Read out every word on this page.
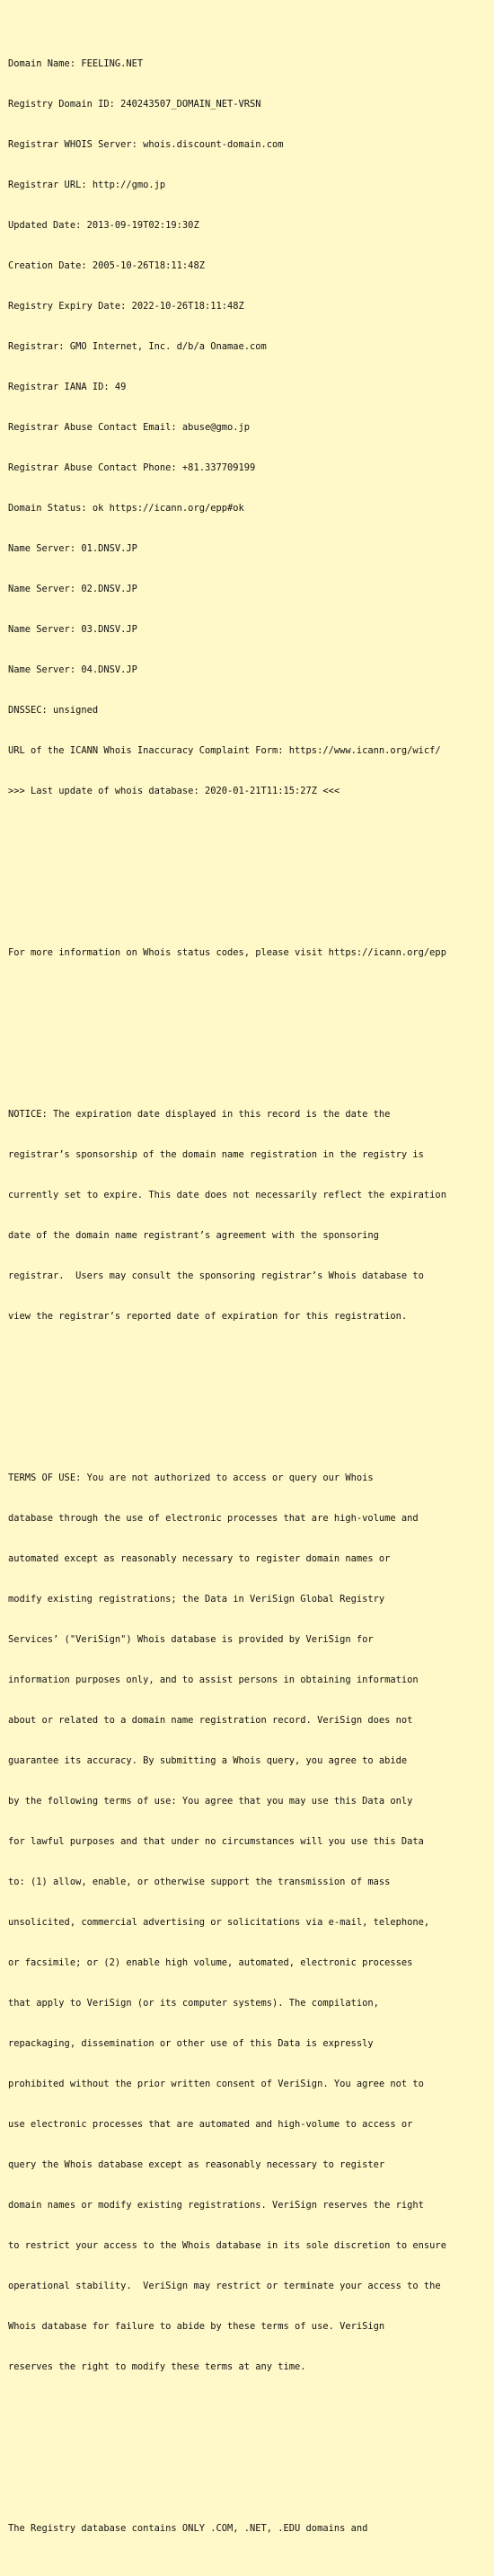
Domain Name: FEELING.NET

Registry Domain ID: 240243507_DOMAIN_NET-VRSN

Registrar WHOIS Server: whois.discount-domain.com

Registrar URL: http://gmo.jp

Updated Date: 2013-09-19T02:19:30Z

Creation Date: 2005-10-26T18:11:48Z

Registry Expiry Date: 2022-10-26T18:11:48Z

Registrar: GMO Internet, Inc. d/b/a Onamae.com

Registrar IANA ID: 49

Registrar Abuse Contact Email: abuse@gmo.jp

Registrar Abuse Contact Phone: +81.337709199

Domain Status: ok https://icann.org/epp#ok

Name Server: 01.DNSV.JP

Name Server: 02.DNSV.JP

Name Server: 03.DNSV.JP

Name Server: 04.DNSV.JP

DNSSEC: unsigned

URL of the ICANN Whois Inaccuracy Complaint Form: https://www.icann.org/wicf/

>>> Last update of whois database: 2020-01-21T11:15:27Z <<<

For more information on Whois status codes, please visit https://icann.org/epp

NOTICE: The expiration date displayed in this record is the date the

registrar’s sponsorship of the domain name registration in the registry is

currently set to expire. This date does not necessarily reflect the expiration

date of the domain name registrant’s agreement with the sponsoring

registrar.  Users may consult the sponsoring registrar’s Whois database to

view the registrar’s reported date of expiration for this registration.

TERMS OF USE: You are not authorized to access or query our Whois

database through the use of electronic processes that are high-volume and

automated except as reasonably necessary to register domain names or

modify existing registrations; the Data in VeriSign Global Registry

Services’ ("VeriSign") Whois database is provided by VeriSign for

information purposes only, and to assist persons in obtaining information

about or related to a domain name registration record. VeriSign does not

guarantee its accuracy. By submitting a Whois query, you agree to abide

by the following terms of use: You agree that you may use this Data only

for lawful purposes and that under no circumstances will you use this Data

to: (1) allow, enable, or otherwise support the transmission of mass

unsolicited, commercial advertising or solicitations via e-mail, telephone,

or facsimile; or (2) enable high volume, automated, electronic processes

that apply to VeriSign (or its computer systems). The compilation,

repackaging, dissemination or other use of this Data is expressly

prohibited without the prior written consent of VeriSign. You agree not to

use electronic processes that are automated and high-volume to access or

query the Whois database except as reasonably necessary to register

domain names or modify existing registrations. VeriSign reserves the right

to restrict your access to the Whois database in its sole discretion to ensure

operational stability.  VeriSign may restrict or terminate your access to the

Whois database for failure to abide by these terms of use. VeriSign

reserves the right to modify these terms at any time.

The Registry database contains ONLY .COM, .NET, .EDU domains and
